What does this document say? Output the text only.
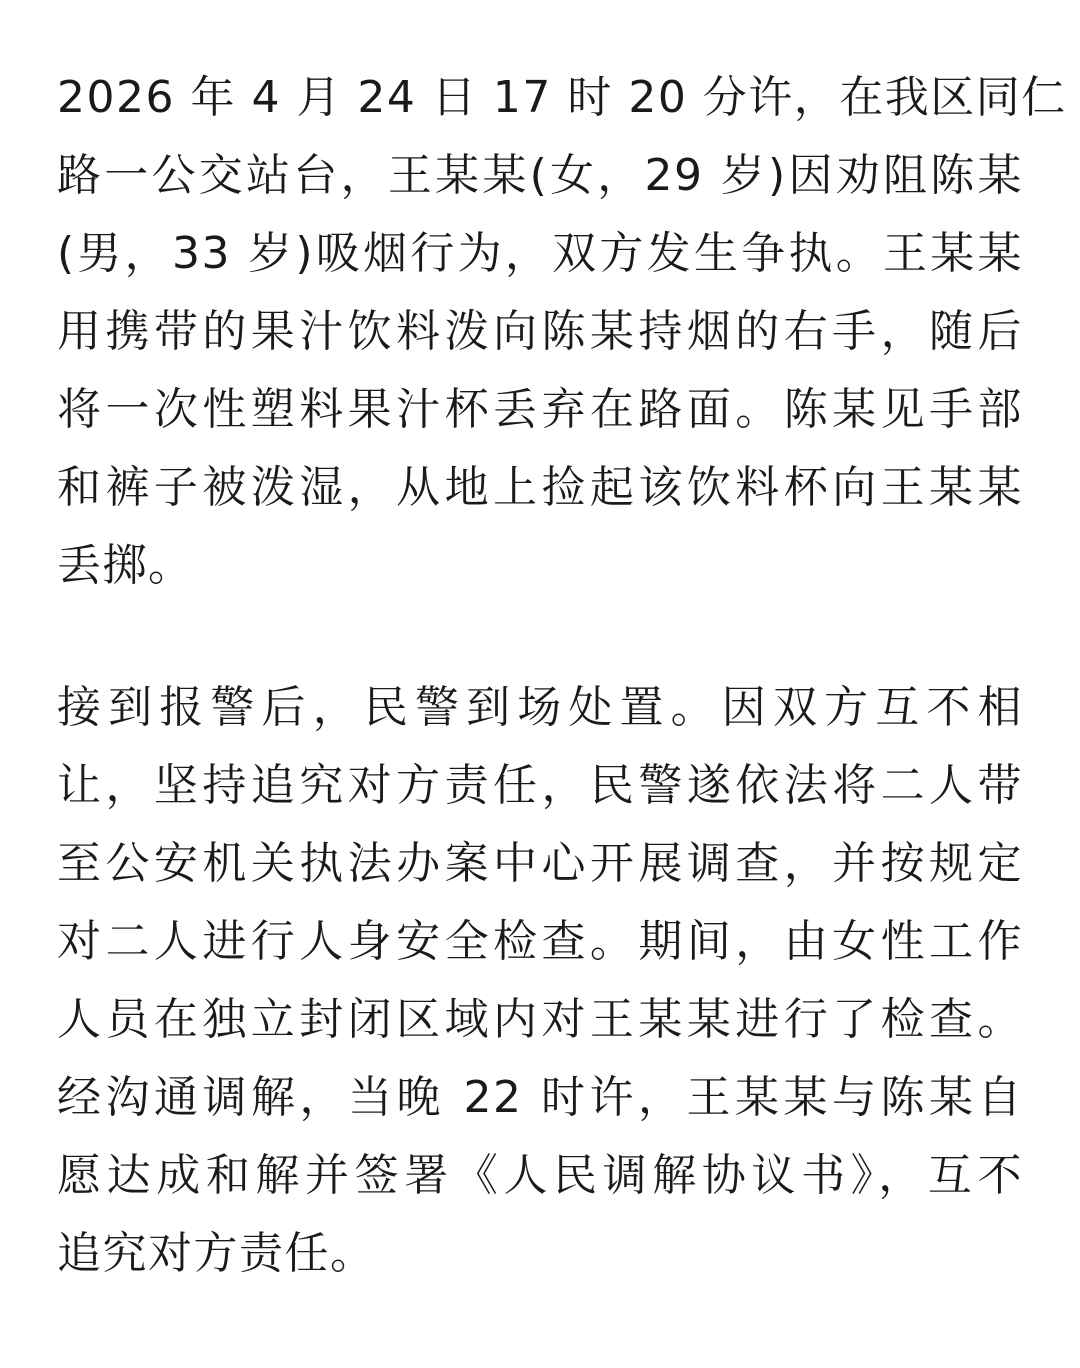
2026 年 4 月 24 日 17 时 20 分许，在我区同仁
路一公交站台，王某某(女，29 岁)因劝阻陈某
(男，33 岁)吸烟行为，双方发生争执。王某某
用携带的果汁饮料泼向陈某持烟的右手，随后
将一次性塑料果汁杯丢弃在路面。陈某见手部
和裤子被泼湿，从地上捡起该饮料杯向王某某
丢掷。
接到报警后，民警到场处置。因双方互不相
让，坚持追究对方责任，民警遂依法将二人带
至公安机关执法办案中心开展调查，并按规定
对二人进行人身安全检查。期间，由女性工作
人员在独立封闭区域内对王某某进行了检查。
经沟通调解，当晚 22 时许，王某某与陈某自
愿达成和解并签署《人民调解协议书》，互不
追究对方责任。
